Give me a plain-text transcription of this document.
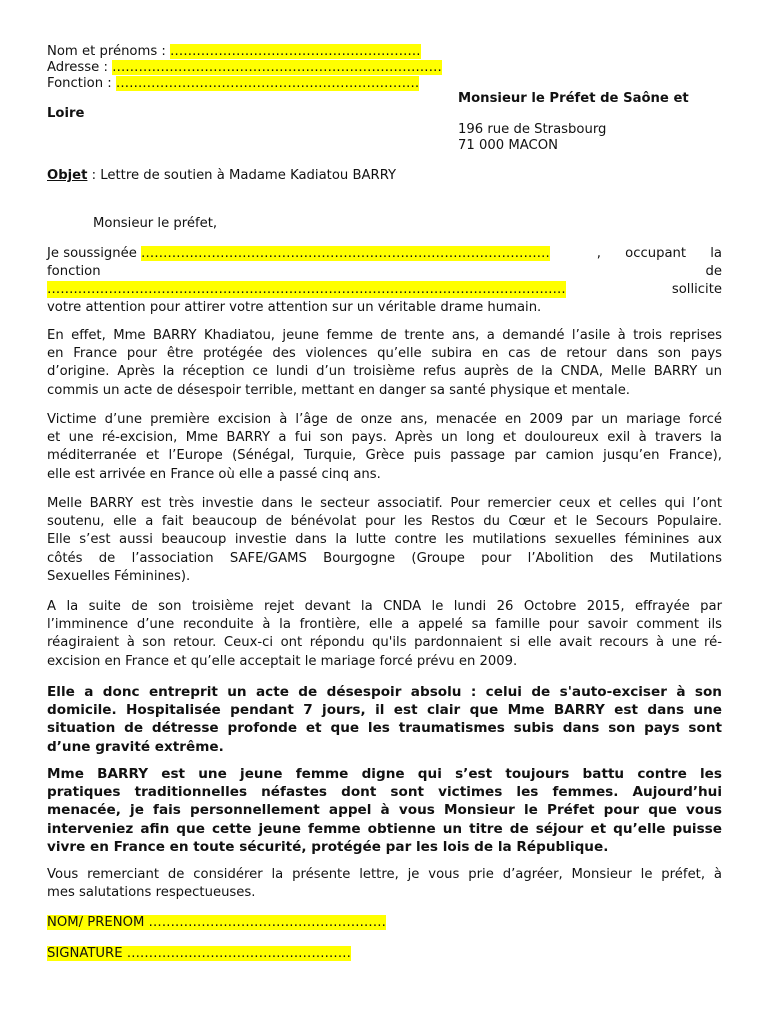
Nom et prénoms : …………………………………………………
Adresse : …………………………………………………………………
Fonction : ……………………………………………………………
Monsieur le Préfet de Saône et
Loire
196 rue de Strasbourg
71 000 MACON
Objet : Lettre de soutien à Madame Kadiatou BARRY
Monsieur le préfet,
Je soussignée …………………………………………………………………………………	, occupant la
fonction	de
……………………………………………………………………………………………………….	sollicite
votre attention pour attirer votre attention sur un véritable drame humain.
En effet, Mme BARRY Khadiatou, jeune femme de trente ans, a demandé l’asile à trois reprises
en France pour être protégée des violences qu’elle subira en cas de retour dans son pays
d’origine. Après la réception ce lundi d’un troisième refus auprès de la CNDA, Melle BARRY un
commis un acte de désespoir terrible, mettant en danger sa santé physique et mentale.
Victime d’une première excision à l’âge de onze ans, menacée en 2009 par un mariage forcé
et une ré-excision, Mme BARRY a fui son pays. Après un long et douloureux exil à travers la
méditerranée et l’Europe (Sénégal, Turquie, Grèce puis passage par camion jusqu’en France),
elle est arrivée en France où elle a passé cinq ans.
Melle BARRY est très investie dans le secteur associatif. Pour remercier ceux et celles qui l’ont
soutenu, elle a fait beaucoup de bénévolat pour les Restos du Cœur et le Secours Populaire.
Elle s’est aussi beaucoup investie dans la lutte contre les mutilations sexuelles féminines aux
côtés de l’association SAFE/GAMS Bourgogne (Groupe pour l’Abolition des Mutilations
Sexuelles Féminines).
A la suite de son troisième rejet devant la CNDA le lundi 26 Octobre 2015, effrayée par
l’imminence d’une reconduite à la frontière, elle a appelé sa famille pour savoir comment ils
réagiraient à son retour. Ceux-ci ont répondu qu'ils pardonnaient si elle avait recours à une ré-
excision en France et qu’elle acceptait le mariage forcé prévu en 2009.
Elle a donc entreprit un acte de désespoir absolu : celui de s'auto-exciser à son
domicile. Hospitalisée pendant 7 jours, il est clair que Mme BARRY est dans une
situation de détresse profonde et que les traumatismes subis dans son pays sont
d’une gravité extrême.
Mme BARRY est une jeune femme digne qui s’est toujours battu contre les
pratiques traditionnelles néfastes dont sont victimes les femmes. Aujourd’hui
menacée, je fais personnellement appel à vous Monsieur le Préfet pour que vous
interveniez afin que cette jeune femme obtienne un titre de séjour et qu’elle puisse
vivre en France en toute sécurité, protégée par les lois de la République.
Vous remerciant de considérer la présente lettre, je vous prie d’agréer, Monsieur le préfet, à
mes salutations respectueuses.
NOM/ PRENOM ………………………………………………
SIGNATURE ……………………………………………
